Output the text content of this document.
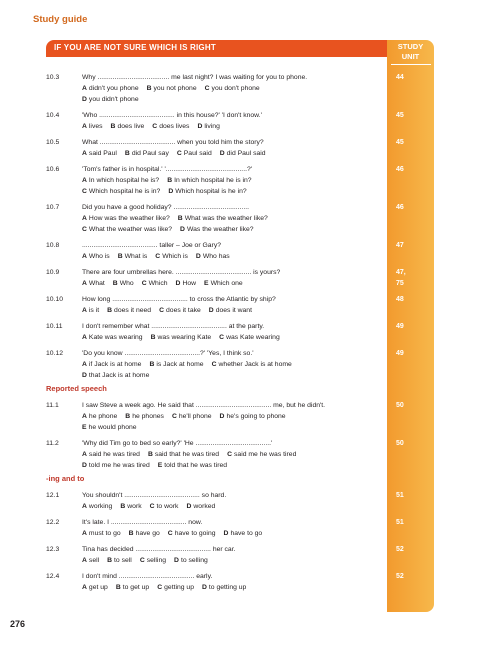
Study guide
IF YOU ARE NOT SURE WHICH IS RIGHT	STUDY
UNIT
10.3	Why ...................................... me last night? I was waiting for you to phone.
A didn't you phone B you not phone C you don't phone
D you didn't phone
44
10.4	'Who ........................................ in this house?' 'I don't know.'
A lives B does live C does lives D living
45
10.5	What ........................................ when you told him the story?
A said Paul B did Paul say C Paul said D did Paul said
45
10.6	'Tom's father is in hospital.' '...........................................?'
A In which hospital he is? B In which hospital he is in?
C Which hospital he is in? D Which hospital is he in?
46
10.7	Did you have a good holiday? ........................................
A How was the weather like? B What was the weather like?
C What the weather was like? D Was the weather like?
46
10.8	........................................ taller – Joe or Gary?
A Who is B What is C Which is D Who has
47
10.9	There are four umbrellas here. ........................................ is yours?
A What B Who C Which D How E Which one
47, 75
10.10	How long ........................................ to cross the Atlantic by ship?
A is it B does it need C does it take D does it want
48
10.11	I don't remember what ........................................ at the party.
A Kate was wearing B was wearing Kate C was Kate wearing
49
10.12	'Do you know ........................................?' 'Yes, I think so.'
A if Jack is at home B is Jack at home C whether Jack is at home
D that Jack is at home
49
Reported speech
11.1	I saw Steve a week ago. He said that ........................................ me, but he didn't.
A he phone B he phones C he'll phone D he's going to phone
E he would phone
50
11.2	'Why did Tim go to bed so early?' 'He ........................................'
A said he was tired B said that he was tired C said me he was tired
D told me he was tired E told that he was tired
50
-ing and to
12.1	You shouldn't ........................................ so hard.
A working B work C to work D worked
51
12.2	It's late. I ........................................ now.
A must to go B have go C have to going D have to go
51
12.3	Tina has decided ........................................ her car.
A sell B to sell C selling D to selling
52
12.4	I don't mind ........................................ early.
A get up B to get up C getting up D to getting up
52
276
